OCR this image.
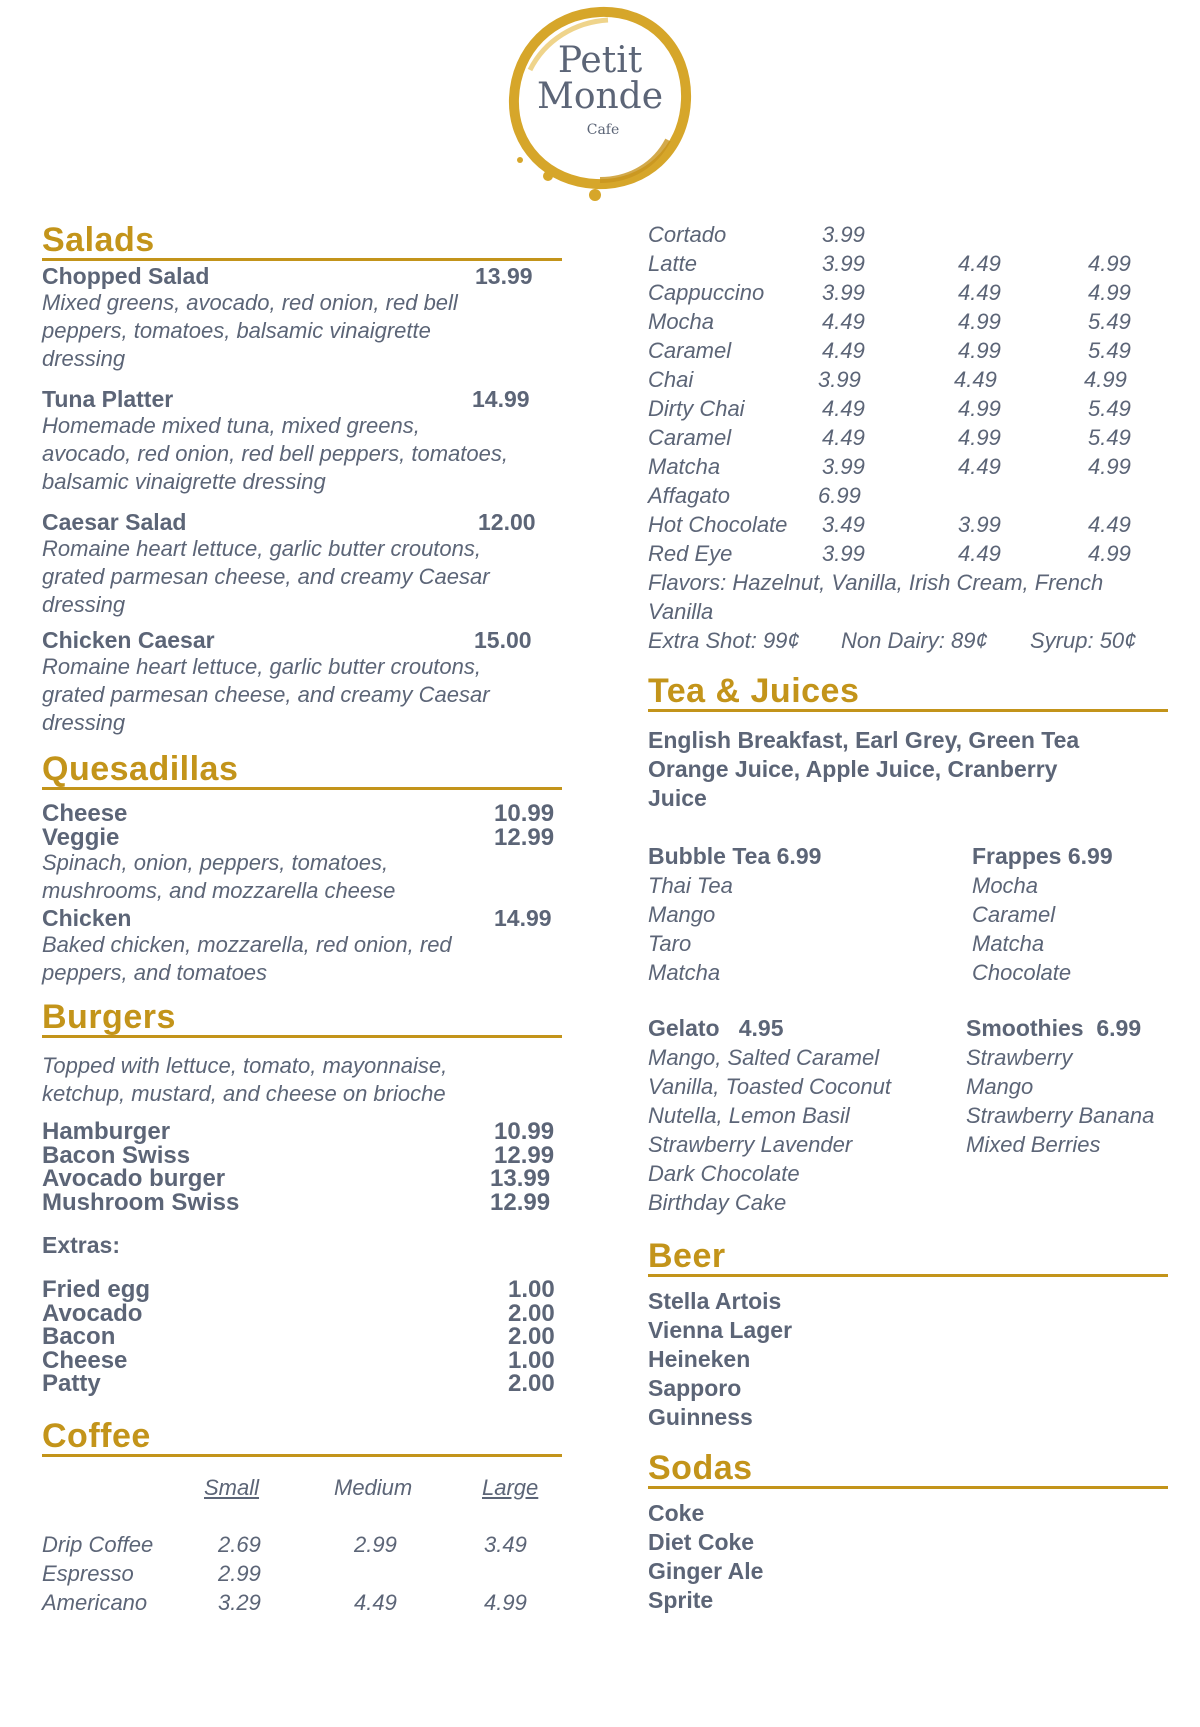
Petit
Monde
Cafe
Salads
Chopped Salad	13.99
Mixed greens, avocado, red onion, red bell
peppers, tomatoes, balsamic vinaigrette
dressing
Tuna Platter	14.99
Homemade mixed tuna, mixed greens,
avocado, red onion, red bell peppers, tomatoes,
balsamic vinaigrette dressing
Caesar Salad	12.00
Romaine heart lettuce, garlic butter croutons,
grated parmesan cheese, and creamy Caesar
dressing
Chicken Caesar	15.00
Romaine heart lettuce, garlic butter croutons,
grated parmesan cheese, and creamy Caesar
dressing
Quesadillas
Cheese	10.99
Veggie	12.99
Spinach, onion, peppers, tomatoes,
mushrooms, and mozzarella cheese
Chicken	14.99
Baked chicken, mozzarella, red onion, red
peppers, and tomatoes
Burgers
Topped with lettuce, tomato, mayonnaise,
ketchup, mustard, and cheese on brioche
Hamburger	10.99
Bacon Swiss	12.99
Avocado burger	13.99
Mushroom Swiss	12.99
Extras:
Fried egg	1.00
Avocado	2.00
Bacon	2.00
Cheese	1.00
Patty	2.00
Coffee
Small	Medium	Large
Drip Coffee	2.69	2.99	3.49
Espresso	2.99
Americano	3.29	4.49	4.99
Cortado	3.99
Latte	3.99	4.49	4.99
Cappuccino	3.99	4.49	4.99
Mocha	4.49	4.99	5.49
Caramel	4.49	4.99	5.49
Chai	3.99	4.49	4.99
Dirty Chai	4.49	4.99	5.49
Caramel	4.49	4.99	5.49
Matcha	3.99	4.49	4.99
Affagato	6.99
Hot Chocolate 3.49	3.99	4.49
Red Eye	3.99	4.49	4.99
Flavors: Hazelnut, Vanilla, Irish Cream, French
Vanilla
Extra Shot: 99¢ Non Dairy: 89¢ Syrup: 50¢
Tea & Juices
English Breakfast, Earl Grey, Green Tea
Orange Juice, Apple Juice, Cranberry
Juice
Bubble Tea 6.99
Thai Tea
Mango
Taro
Matcha
Frappes 6.99
Mocha
Caramel
Matcha
Chocolate
Gelato   4.95
Mango, Salted Caramel
Vanilla, Toasted Coconut
Nutella, Lemon Basil
Strawberry Lavender
Dark Chocolate
Birthday Cake
Smoothies  6.99
Strawberry
Mango
Strawberry Banana
Mixed Berries
Beer
Stella Artois
Vienna Lager
Heineken
Sapporo
Guinness
Sodas
Coke
Diet Coke
Ginger Ale
Sprite
